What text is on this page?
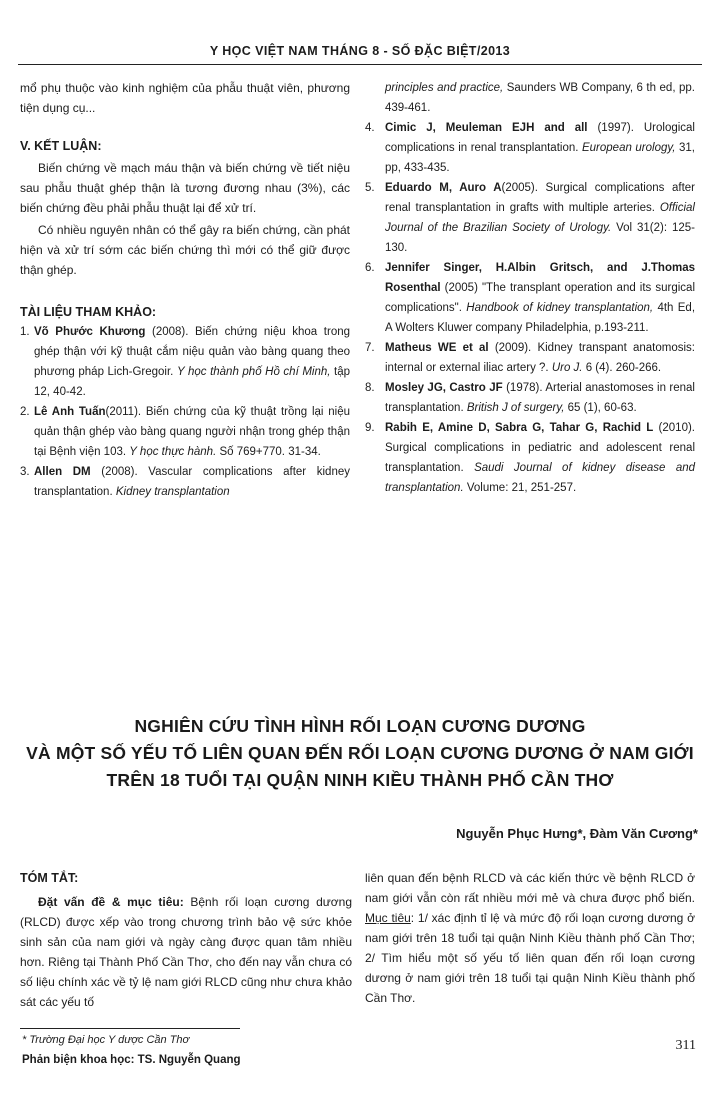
Y HỌC VIỆT NAM THÁNG 8 - SỐ ĐẶC BIỆT/2013

mổ phụ thuộc vào kinh nghiệm của phẫu thuật viên, phương tiện dụng cụ...

V. KẾT LUẬN:

Biến chứng về mạch máu thận và biến chứng về tiết niệu sau phẫu thuật ghép thận là tương đương nhau (3%), các biến chứng đều phải phẫu thuật lại để xử trí.

Có nhiều nguyên nhân có thể gây ra biến chứng, cần phát hiện và xử trí sớm các biến chứng thì mới có thể giữ được thận ghép.

TÀI LIỆU THAM KHẢO:

1. Võ Phước Khương (2008). Biến chứng niệu khoa trong ghép thận với kỹ thuật cắm niệu quản vào bàng quang theo phương pháp Lich-Gregoir. Y học thành phố Hồ chí Minh, tập 12, 40-42.

2. Lê Anh Tuấn(2011). Biến chứng của kỹ thuật trồng lại niệu quản thận ghép vào bàng quang người nhận trong ghép thận tại Bệnh viện 103. Y học thực hành. Số 769+770. 31-34.

3. Allen DM (2008). Vascular complications after kidney transplantation. Kidney transplantation

principles and practice, Saunders WB Company, 6 th ed, pp. 439-461.

4. Cimic J, Meuleman EJH and all (1997). Urological complications in renal transplantation. European urology, 31, pp, 433-435.

5. Eduardo M, Auro A(2005). Surgical complications after renal transplantation in grafts with multiple arteries. Official Journal of the Brazilian Society of Urology. Vol 31(2): 125-130.

6. Jennifer Singer, H.Albin Gritsch, and J.Thomas Rosenthal (2005) "The transplant operation and its surgical complications". Handbook of kidney transplantation, 4th Ed, A Wolters Kluwer company Philadelphia, p.193-211.

7. Matheus WE et al (2009). Kidney transpant anatomosis: internal or external iliac artery ?. Uro J. 6 (4). 260-266.

8. Mosley JG, Castro JF (1978). Arterial anastomoses in renal transplantation. British J of surgery, 65 (1), 60-63.

9. Rabih E, Amine D, Sabra G, Tahar G, Rachid L (2010). Surgical complications in pediatric and adolescent renal transplantation. Saudi Journal of kidney disease and transplantation. Volume: 21, 251-257.

NGHIÊN CỨU TÌNH HÌNH RỐI LOẠN CƯƠNG DƯƠNG
VÀ MỘT SỐ YẾU TỐ LIÊN QUAN ĐẾN RỐI LOẠN CƯƠNG DƯƠNG Ở NAM GIỚI
TRÊN 18 TUỔI TẠI QUẬN NINH KIỀU THÀNH PHỐ CẦN THƠ
Nguyễn Phục Hưng*, Đàm Văn Cương*

TÓM TẮT:

Đặt vấn đề & mục tiêu: Bệnh rối loạn cương dương (RLCD) được xếp vào trong chương trình bảo vệ sức khỏe sinh sản của nam giới và ngày càng được quan tâm nhiều hơn. Riêng tại Thành Phố Cần Thơ, cho đến nay vẫn chưa có số liệu chính xác về tỷ lệ nam giới RLCD cũng như chưa khảo sát các yếu tố

liên quan đến bệnh RLCD và các kiến thức về bệnh RLCD ở nam giới vẫn còn rất nhiều mới mẻ và chưa được phổ biến. Mục tiêu: 1/ xác định tỉ lệ và mức độ rối loạn cương dương ở nam giới trên 18 tuổi tại quận Ninh Kiều thành phố Cần Thơ; 2/ Tìm hiểu một số yếu tố liên quan đến rối loạn cương dương ở nam giới trên 18 tuổi tại quận Ninh Kiều thành phố Cần Thơ.

* Trường Đại học Y dược Cần Thơ
Phản biện khoa học: TS. Nguyễn Quang
311
